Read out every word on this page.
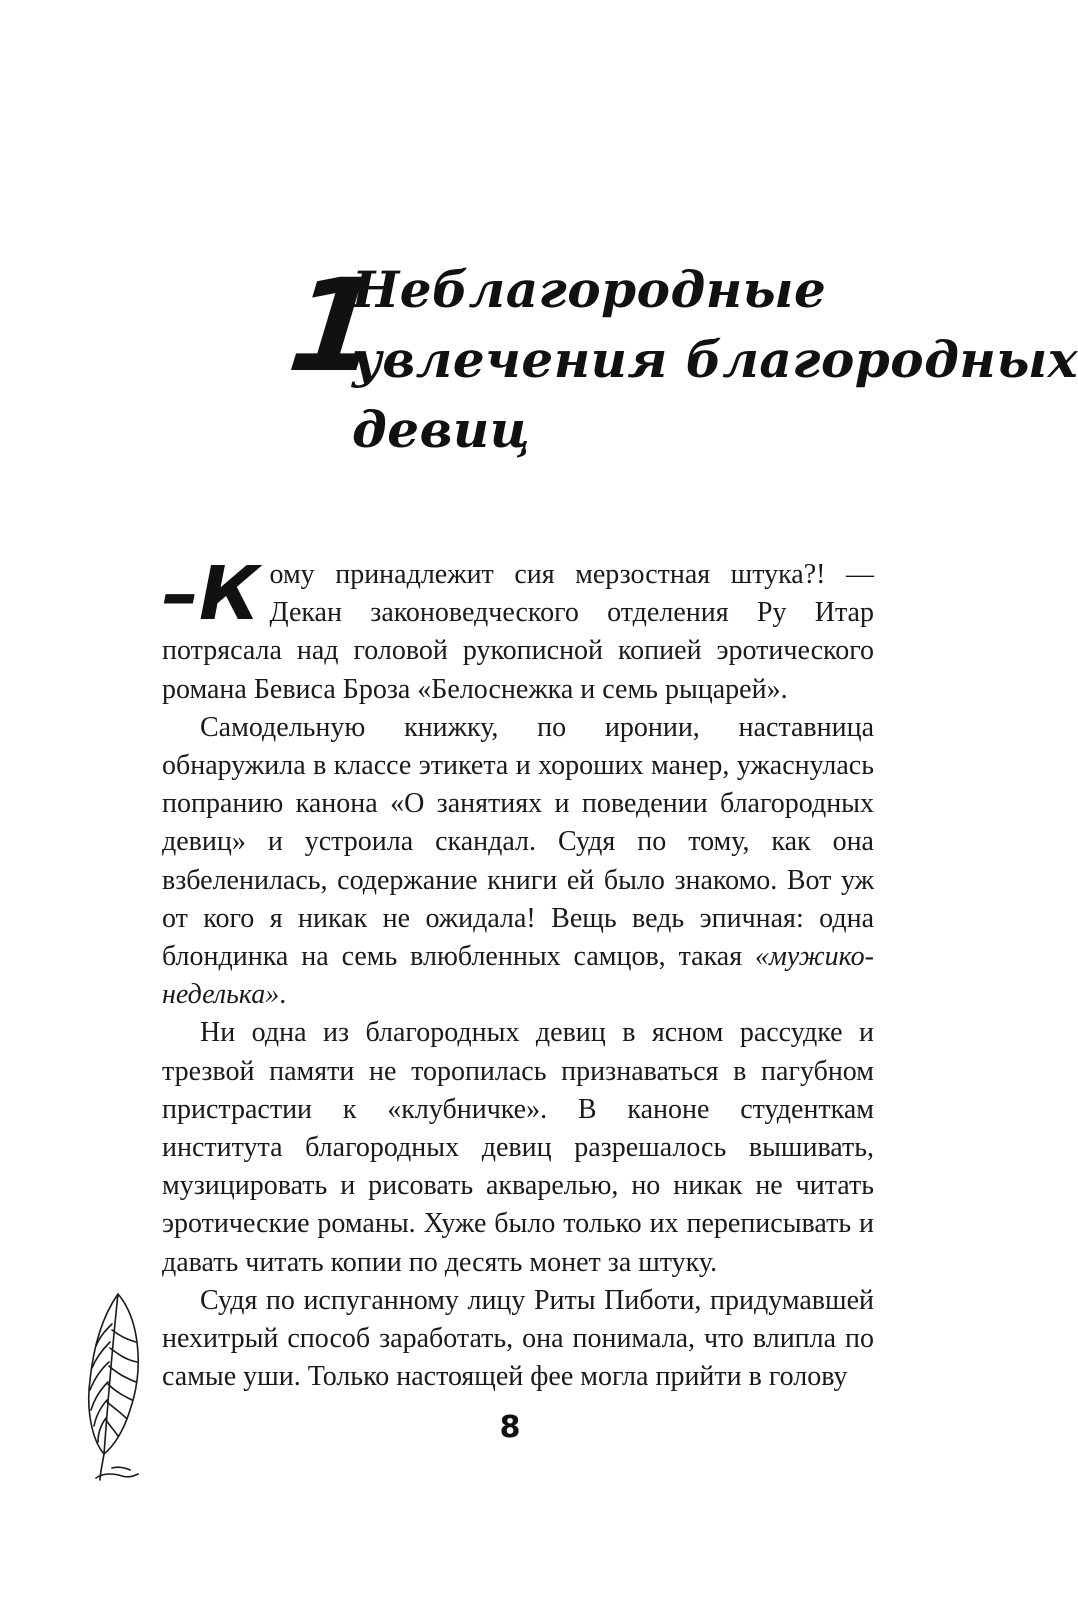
1
Неблагородные
увлечения благородных
девиц

–К ому принадлежит сия мерзостная штука?! — Декан законоведческого отделения Ру Итар потрясала над головой рукописной копией эротического романа Бевиса Броза «Белоснежка и семь рыцарей».

Самодельную книжку, по иронии, наставница обнаружила в классе этикета и хороших манер, ужаснулась попранию канона «О занятиях и поведении благородных девиц» и устроила скандал. Судя по тому, как она взбеленилась, содержание книги ей было знакомо. Вот уж от кого я никак не ожидала! Вещь ведь эпичная: одна блондинка на семь влюбленных самцов, такая «мужико-неделька».

Ни одна из благородных девиц в ясном рассудке и трезвой памяти не торопилась признаваться в пагубном пристрастии к «клубничке». В каноне студенткам института благородных девиц разрешалось вышивать, музицировать и рисовать акварелью, но никак не читать эротические романы. Хуже было только их переписывать и давать читать копии по десять монет за штуку.

Судя по испуганному лицу Риты Пиботи, придумавшей нехитрый способ заработать, она понимала, что влипла по самые уши. Только настоящей фее могла прийти в голову

8
